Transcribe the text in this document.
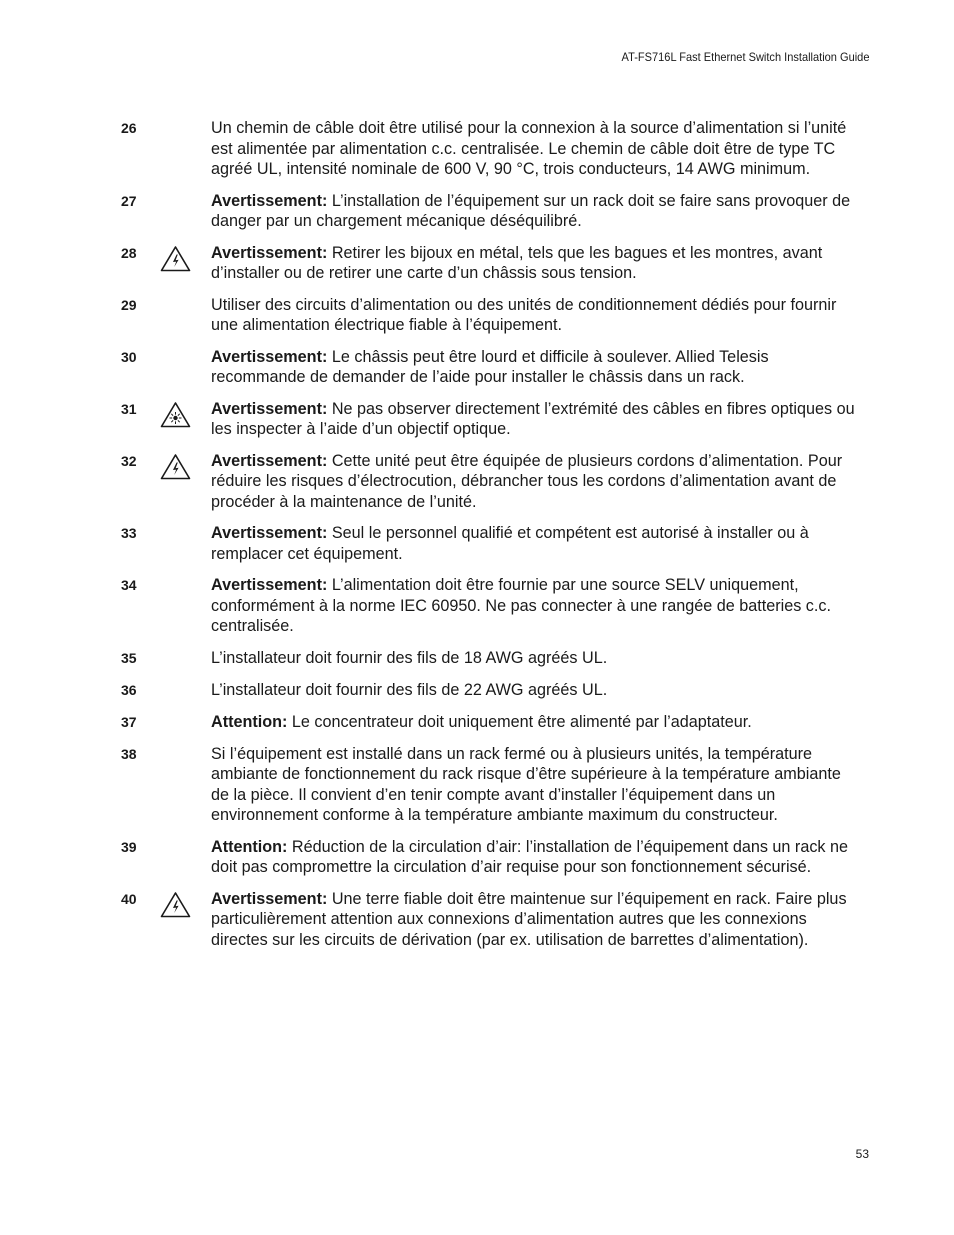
AT-FS716L Fast Ethernet Switch Installation Guide
26	Un chemin de câble doit être utilisé pour la connexion à la source d’alimentation si l’unité est alimentée par alimentation c.c. centralisée. Le chemin de câble doit être de type TC agréé UL, intensité nominale de 600 V, 90 °C, trois conducteurs, 14 AWG minimum.
27	Avertissement: L’installation de l’équipement sur un rack doit se faire sans provoquer de danger par un chargement mécanique déséquilibré.
28	Avertissement: Retirer les bijoux en métal, tels que les bagues et les montres, avant d’installer ou de retirer une carte d’un châssis sous tension.
29	Utiliser des circuits d’alimentation ou des unités de conditionnement dédiés pour fournir une alimentation électrique fiable à l’équipement.
30	Avertissement: Le châssis peut être lourd et difficile à soulever. Allied Telesis recommande de demander de l’aide pour installer le châssis dans un rack.
31	Avertissement: Ne pas observer directement l’extrémité des câbles en fibres optiques ou les inspecter à l’aide d’un objectif optique.
32	Avertissement: Cette unité peut être équipée de plusieurs cordons d’alimentation. Pour réduire les risques d’électrocution, débrancher tous les cordons d’alimentation avant de procéder à la maintenance de l’unité.
33	Avertissement: Seul le personnel qualifié et compétent est autorisé à installer ou à remplacer cet équipement.
34	Avertissement: L’alimentation doit être fournie par une source SELV uniquement, conformément à la norme IEC 60950. Ne pas connecter à une rangée de batteries c.c. centralisée.
35	L’installateur doit fournir des fils de 18 AWG agréés UL.
36	L’installateur doit fournir des fils de 22 AWG agréés UL.
37	Attention: Le concentrateur doit uniquement être alimenté par l’adaptateur.
38	Si l’équipement est installé dans un rack fermé ou à plusieurs unités, la température ambiante de fonctionnement du rack risque d’être supérieure à la température ambiante de la pièce. Il convient d’en tenir compte avant d’installer l’équipement dans un environnement conforme à la température ambiante maximum du constructeur.
39	Attention: Réduction de la circulation d’air: l’installation de l’équipement dans un rack ne doit pas compromettre la circulation d’air requise pour son fonctionnement sécurisé.
40	Avertissement: Une terre fiable doit être maintenue sur l’équipement en rack. Faire plus particulièrement attention aux connexions d’alimentation autres que les connexions directes sur les circuits de dérivation (par ex. utilisation de barrettes d’alimentation).
53
